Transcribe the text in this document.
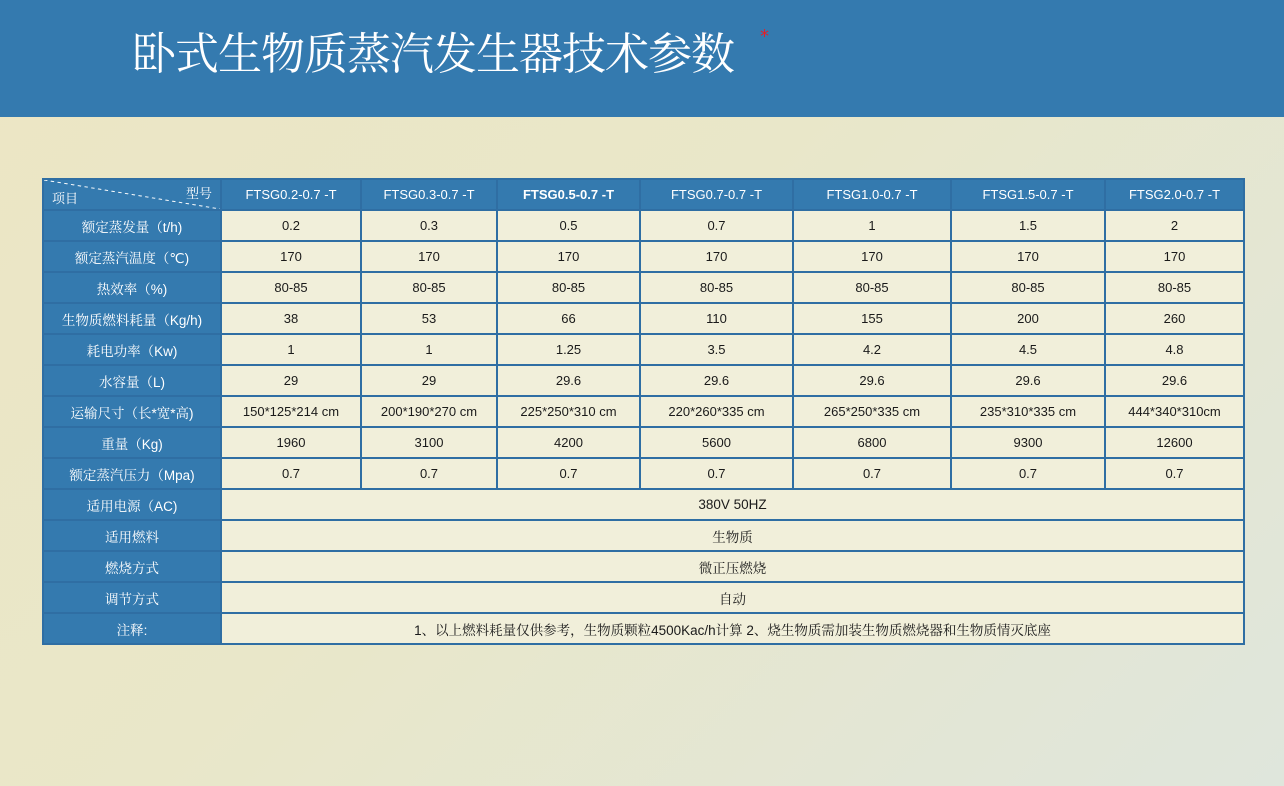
卧式生物质蒸汽发生器技术参数 *
项目 型号	FTSG0.2-0.7 -T	FTSG0.3-0.7 -T	FTSG0.5-0.7 -T	FTSG0.7-0.7 -T	FTSG1.0-0.7 -T	FTSG1.5-0.7 -T	FTSG2.0-0.7 -T
额定蒸发量（t/h)	0.2	0.3	0.5	0.7	1	1.5	2
额定蒸汽温度（℃)	170	170	170	170	170	170	170
热效率（%)	80-85	80-85	80-85	80-85	80-85	80-85	80-85
生物质燃料耗量（Kg/h)	38	53	66	110	155	200	260
耗电功率（Kw)	1	1	1.25	3.5	4.2	4.5	4.8
水容量（L)	29	29	29.6	29.6	29.6	29.6	29.6
运输尺寸（长*宽*高)	150*125*214 cm	200*190*270 cm	225*250*310 cm	220*260*335 cm	265*250*335 cm	235*310*335 cm	444*340*310cm
重量（Kg)	1960	3100	4200	5600	6800	9300	12600
额定蒸汽压力（Mpa)	0.7	0.7	0.7	0.7	0.7	0.7	0.7
适用电源（AC)	380V 50HZ						
适用燃料	生物质						
燃烧方式	微正压燃烧						
调节方式	自动						
注释:	1、以上燃料耗量仅供参考，生物质颗粒4500Kac/h计算 2、烧生物质需加装生物质燃烧器和生物质情灭底座						
